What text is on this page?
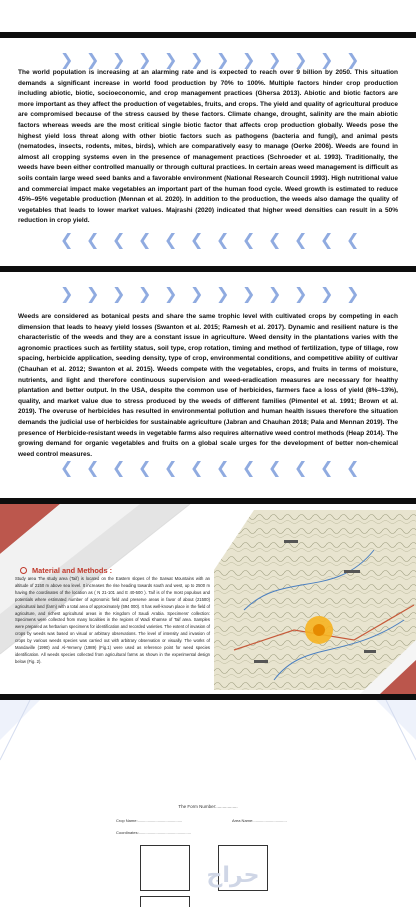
❯ ❯ ❯ ❯ ❯ ❯ ❯ ❯ ❯ ❯ ❯ ❯

The world population is increasing at an alarming rate and is expected to reach over 9 billion by 2050. This situation demands a significant increase in world food production by 70% to 100%. Multiple factors hinder crop production including abiotic, biotic, socioeconomic, and crop management practices (Ghersa 2013). Abiotic and biotic factors are more important as they affect the production of vegetables, fruits, and crops. The yield and quality of agricultural produce are compromised because of the stress caused by these factors. Climate change, drought, salinity are the main abiotic factors whereas weeds are the most critical single biotic factor that affects crop production globally. Weeds pose the highest yield loss threat along with other biotic factors such as pathogens (bacteria and fungi), and animal pests (nematodes, insects, rodents, mites, birds), which are comparatively easy to manage (Oerke 2006). Weeds are found in almost all cropping systems even in the presence of management practices (Schroeder et al. 1993). Traditionally, the weeds have been either controlled manually or through cultural practices. In certain areas weed management is difficult as soils contain large weed seed banks and a favorable environment (National Research Council 1993). High nutritional value and commercial impact make vegetables an important part of the human food cycle. Weed growth is estimated to reduce 45%–95% vegetable production (Mennan et al. 2020). In addition to the production, the weeds also damage the quality of vegetables that leads to lower market values. Majrashi (2020) indicated that higher weed densities can result in a 50% reduction in crop yield.

❮ ❮ ❮ ❮ ❮ ❮ ❮ ❮ ❮ ❮ ❮ ❮
❯ ❯ ❯ ❯ ❯ ❯ ❯ ❯ ❯ ❯ ❯ ❯

Weeds are considered as botanical pests and share the same trophic level with cultivated crops by competing in each dimension that leads to heavy yield losses (Swanton et al. 2015; Ramesh et al. 2017). Dynamic and resilient nature is the characteristic of the weeds and they are a constant issue in agriculture. Weed density in the plantations varies with the agronomic practices such as fertility status, soil type, crop rotation, timing and method of fertilization, type of tillage, row spacing, herbicide application, seeding density, type of crop, environmental conditions, and competitive ability of cultivar (Chauhan et al. 2012; Swanton et al. 2015). Weeds compete with the vegetables, crops, and fruits in terms of moisture, nutrients, and light and therefore continuous supervision and weed-eradication measures are necessary for healthy plantation and better output. In the USA, despite the common use of herbicides, farmers face a loss of yield (8%–13%), quality, and market value due to stress produced by the weeds of different families (Pimentel et al. 1991; Brown et al. 2019). The overuse of herbicides has resulted in environmental pollution and human health issues therefore the situation demands the judicial use of herbicides for sustainable agriculture (Jabran and Chauhan 2018; Pala and Mennan 2019). The presence of Herbicide-resistant weeds in vegetable farms also requires alternative weed control methods (Heap 2014). The growing demand for organic vegetables and fruits on a global scale urges for the development of better non-chemical weed control measures.

❮ ❮ ❮ ❮ ❮ ❮ ❮ ❮ ❮ ❮ ❮ ❮
Material and Methods :

Study area The study area (Taif) is located on the Eastern slopes of the Sarwat Mountains with an altitude of 2150 m above sea level. It increases the rise heading towards south and west, up to 2500 m having the coordinates of the location as ( N 21-101 and E 40-500 ). Taif is of the most populous and potentials where estimated number of agronomic field and preserve areas in favor of about (21500) agricultural land (farm) with a total area of approximately (594 000). It has well-known place in the field of agriculture, and richest agricultural areas in the Kingdom of Saudi Arabia. Specimens' collection: Specimens were collected from many localities in the regions of Wadi Khamse of Taif area. Samples were prepared as herbarium specimens for identification and recorded varieties. The extent of invasion of crops by weeds was based on visual or arbitrary observations. The level of intensity and invasion of crops by various weeds species was carried out with arbitrary observation or visually. The works of Mandaville (1990) and Al-Yemeny (1989) (Fig.1) were used as reference point for weed species identification. All weeds species collected from agricultural farms as shown in the experimental design below (Fig. 2).

The Form Number:.................
Crop Name:........................................	Area Name:..............................
Coordinates:...............................................
حراج
